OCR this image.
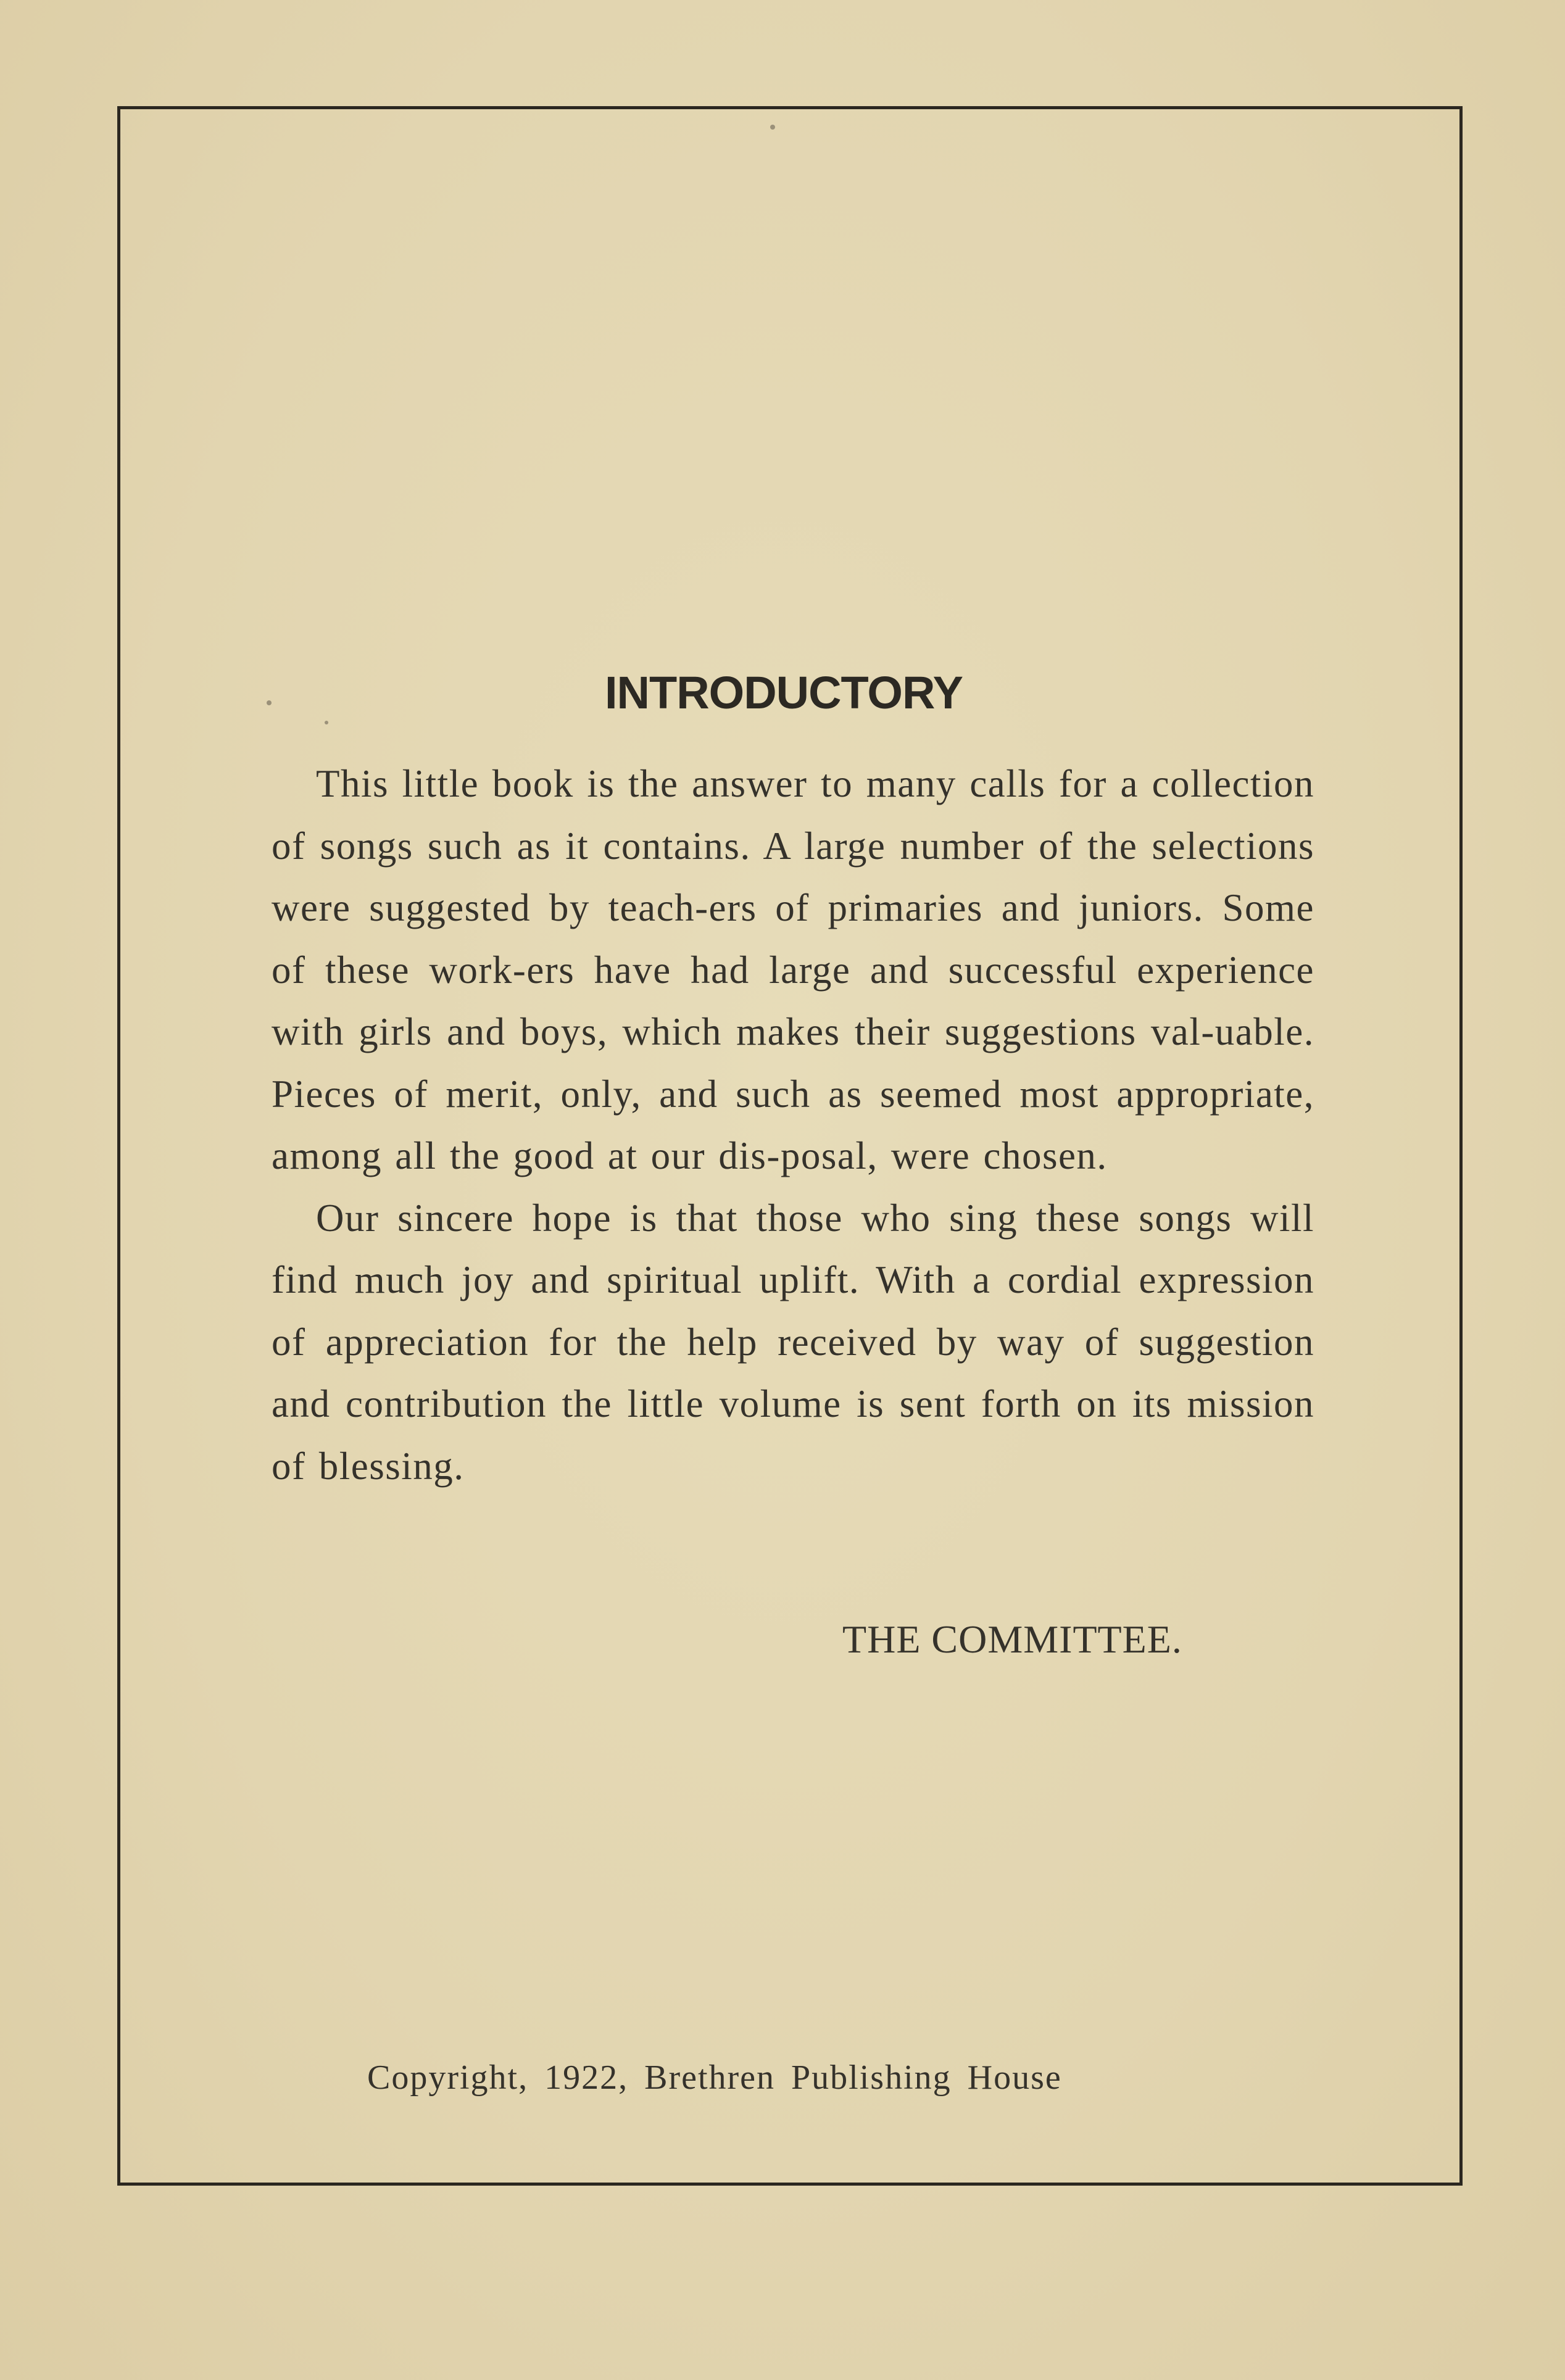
INTRODUCTORY

This little book is the answer to many calls for a collection of songs such as it contains. A large number of the selections were suggested by teach-ers of primaries and juniors. Some of these work-ers have had large and successful experience with girls and boys, which makes their suggestions val-uable. Pieces of merit, only, and such as seemed most appropriate, among all the good at our dis-posal, were chosen.

Our sincere hope is that those who sing these songs will find much joy and spiritual uplift. With a cordial expression of appreciation for the help received by way of suggestion and contribution the little volume is sent forth on its mission of blessing.

THE COMMITTEE.
Copyright, 1922, Brethren Publishing House
